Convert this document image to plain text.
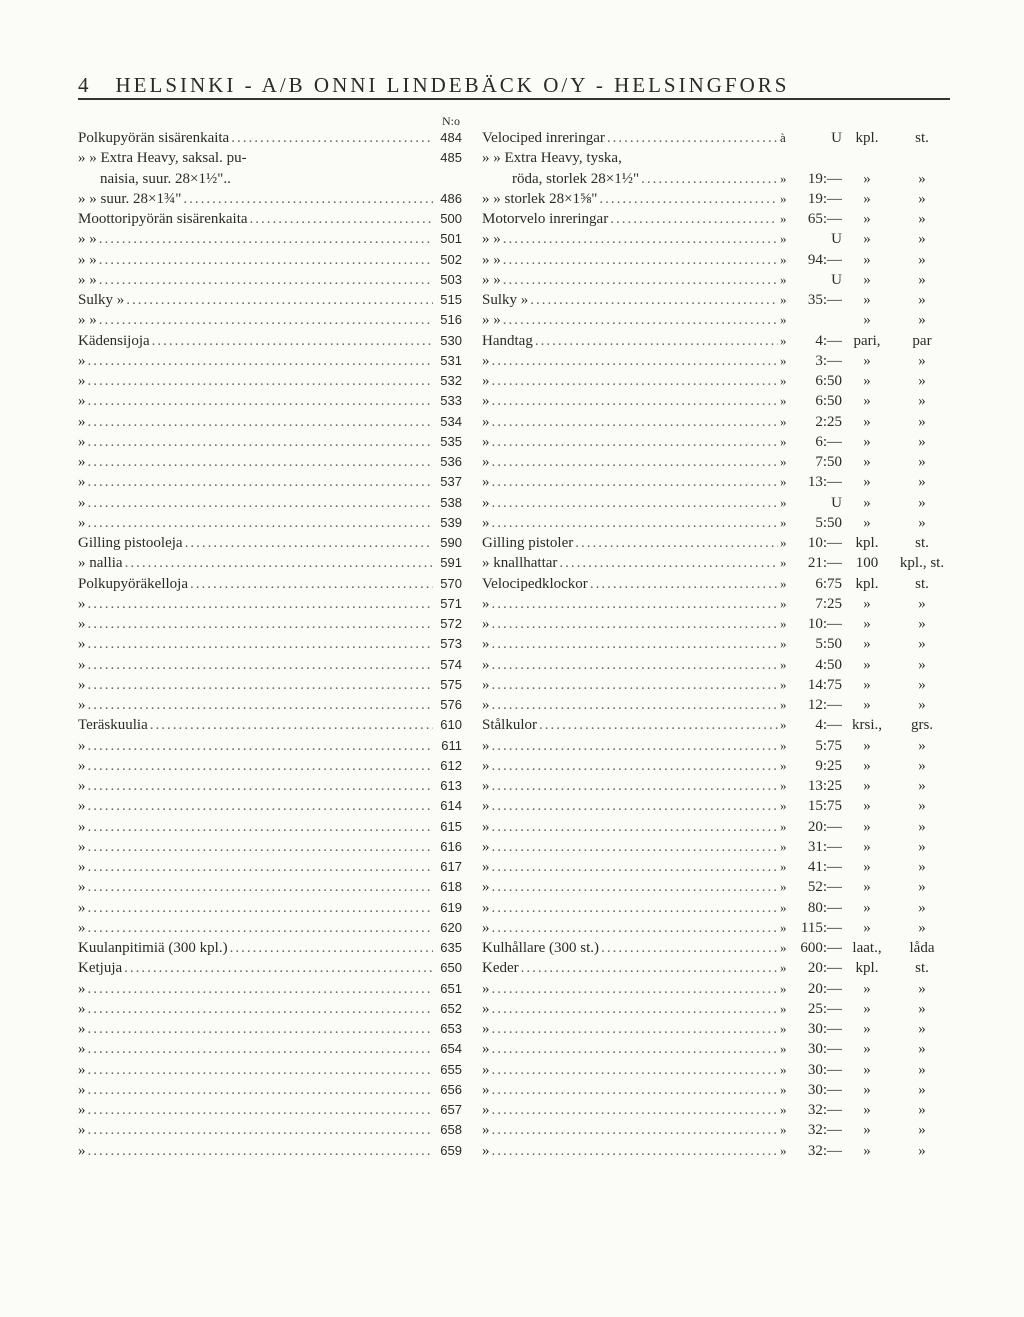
4 HELSINKI - A/B ONNI LINDEBÄCK O/Y - HELSINGFORS
N:o
Polkupyörän sisärenkaita .....	484 Velociped inreringar .....	à	U kpl.	st.
» » Extra Heavy, saksal. pu-	485 » » Extra Heavy, tyska,
naisia, suur. 28×1½"..	röda, storlek 28×1½" .....	»	19:—	»	»
» » suur. 28×1¾" .....	486 » » storlek 28×1⅝" .....	»	19:—	»	»
Moottoripyörän sisärenkaita .....	500 Motorvelo inreringar .....	»	65:—	»	»
» » .....	501 » » .....	»	U	»	»
» » .....	502 » » .....	»	94:—	»	»
» » .....	503 » » .....	»	U	»	»
Sulky » .....	515 Sulky » .....	»	35:—	»	»
» » .....	516 » » .....	»	»	»
Kädensijoja .....	530 Handtag .....	»	4:— pari,	par
» .....	531 » .....	»	3:—	»	»
» .....	532 » .....	»	6:50	»	»
» .....	533 » .....	»	6:50	»	»
» .....	534 » .....	»	2:25	»	»
» .....	535 » .....	»	6:—	»	»
» .....	536 » .....	»	7:50	»	»
» .....	537 » .....	»	13:—	»	»
» .....	538 » .....	»	U	»	»
» .....	539 » .....	»	5:50	»	»
Gilling pistooleja .....	590 Gilling pistoler .....	»	10:— kpl.	st.
» nallia .....	591 » knallhattar .....	»	21:— 100	kpl., st.
Polkupyöräkelloja .....	570 Velocipedklockor .....	»	6:75 kpl.	st.
» .....	571 » .....	»	7:25	»	»
» .....	572 » .....	»	10:—	»	»
» .....	573 » .....	»	5:50	»	»
» .....	574 » .....	»	4:50	»	»
» .....	575 » .....	»	14:75	»	»
» .....	576 » .....	»	12:—	»	»
Teräskuulia .....	610 Stålkulor .....	»	4:— krsi.,	grs.
» .....	611 » .....	»	5:75	»	»
» .....	612 » .....	»	9:25	»	»
» .....	613 » .....	»	13:25	»	»
» .....	614 » .....	»	15:75	»	»
» .....	615 » .....	»	20:—	»	»
» .....	616 » .....	»	31:—	»	»
» .....	617 » .....	»	41:—	»	»
» .....	618 » .....	»	52:—	»	»
» .....	619 » .....	»	80:—	»	»
» .....	620 » .....	» 115:—	»	»
Kuulanpitimiä (300 kpl.) .....	635 Kulhållare (300 st.) .....	» 600:— laat.,	låda
Ketjuja .....	650 Keder .....	»	20:— kpl.	st.
» .....	651 » .....	»	20:—	»	»
» .....	652 » .....	»	25:—	»	»
» .....	653 » .....	»	30:—	»	»
» .....	654 » .....	»	30:—	»	»
» .....	655 » .....	»	30:—	»	»
» .....	656 » .....	»	30:—	»	»
» .....	657 » .....	»	32:—	»	»
» .....	658 » .....	»	32:—	»	»
» .....	659 » .....	»	32:—	»	»
